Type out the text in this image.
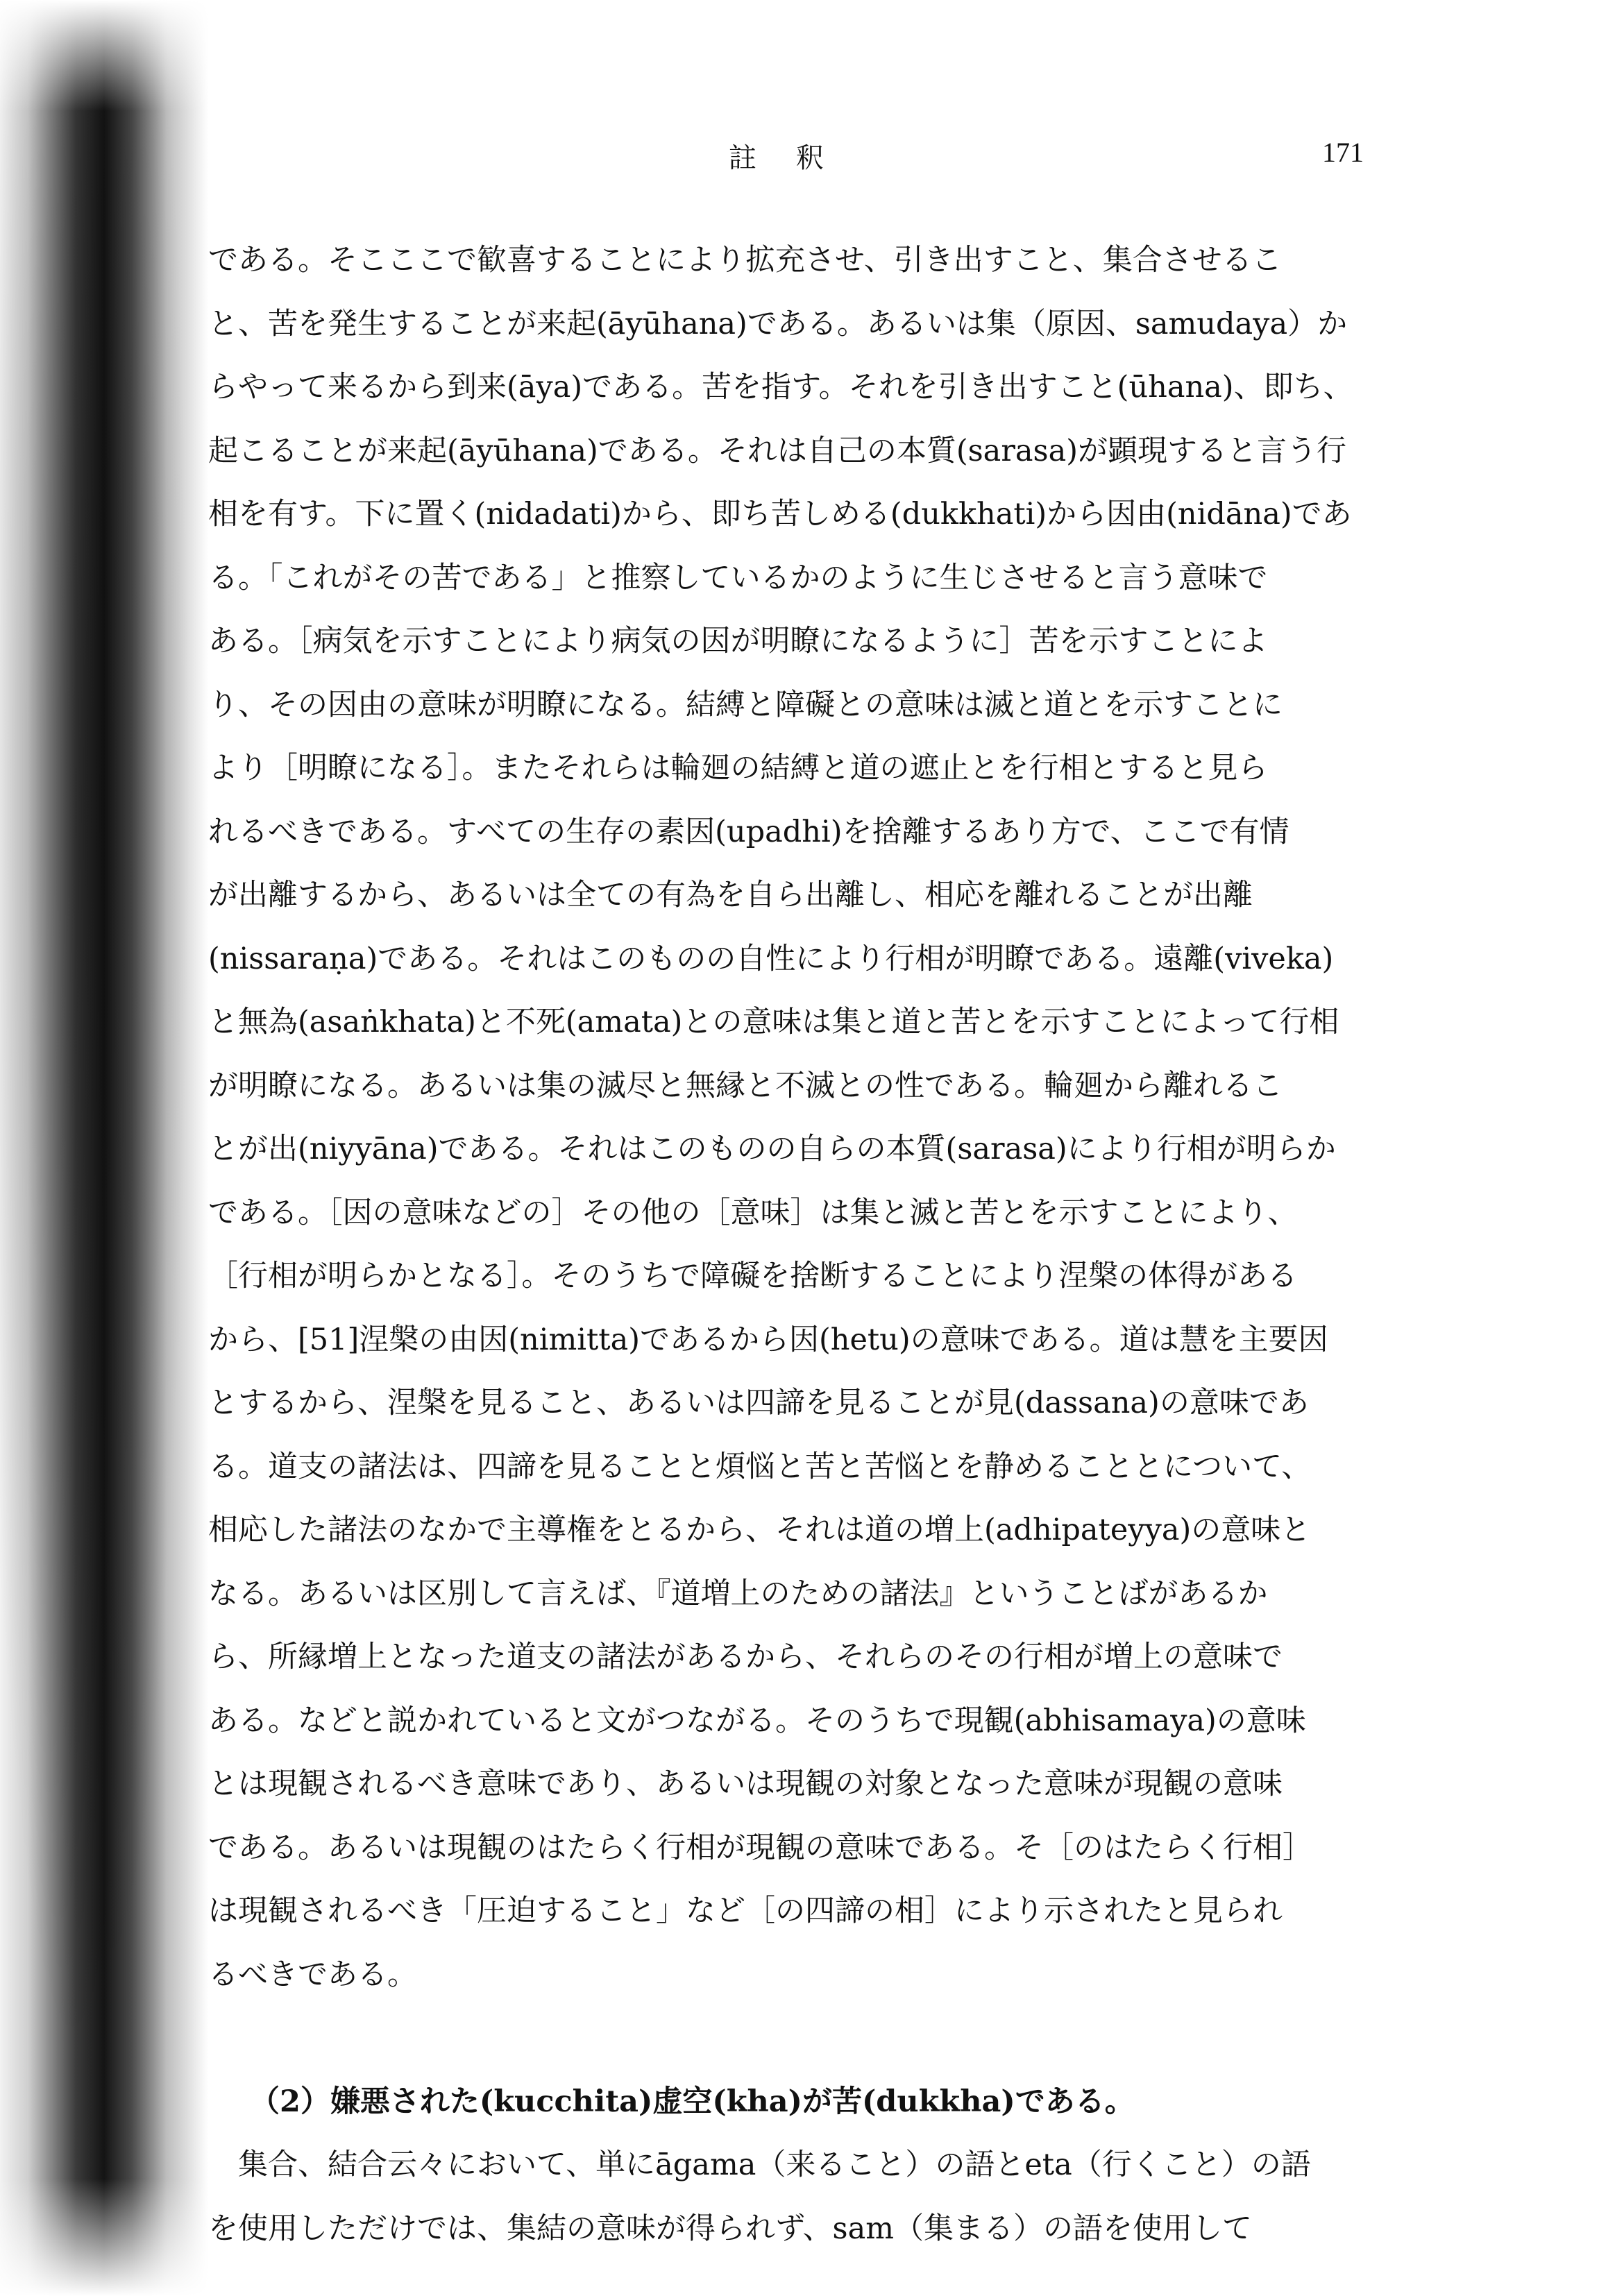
註 釈	171
である。そこここで歓喜することにより拡充させ、引き出すこと、集合させるこ
と、苦を発生することが来起(āyūhana)である。あるいは集（原因、samudaya）か
らやって来るから到来(āya)である。苦を指す。それを引き出すこと(ūhana)、即ち、
起こることが来起(āyūhana)である。それは自己の本質(sarasa)が顕現すると言う行
相を有す。下に置く(nidadati)から、即ち苦しめる(dukkhati)から因由(nidāna)であ
る。「これがその苦である」と推察しているかのように生じさせると言う意味で
ある。［病気を示すことにより病気の因が明瞭になるように］苦を示すことによ
り、その因由の意味が明瞭になる。結縛と障礙との意味は滅と道とを示すことに
より［明瞭になる］。またそれらは輪廻の結縛と道の遮止とを行相とすると見ら
れるべきである。すべての生存の素因(upadhi)を捨離するあり方で、ここで有情
が出離するから、あるいは全ての有為を自ら出離し、相応を離れることが出離
(nissaraṇa)である。それはこのものの自性により行相が明瞭である。遠離(viveka)
と無為(asaṅkhata)と不死(amata)との意味は集と道と苦とを示すことによって行相
が明瞭になる。あるいは集の滅尽と無縁と不滅との性である。輪廻から離れるこ
とが出(niyyāna)である。それはこのものの自らの本質(sarasa)により行相が明らか
である。［因の意味などの］その他の［意味］は集と滅と苦とを示すことにより、
［行相が明らかとなる］。そのうちで障礙を捨断することにより涅槃の体得がある
から、[51]涅槃の由因(nimitta)であるから因(hetu)の意味である。道は慧を主要因
とするから、涅槃を見ること、あるいは四諦を見ることが見(dassana)の意味であ
る。道支の諸法は、四諦を見ることと煩悩と苦と苦悩とを静めることとについて、
相応した諸法のなかで主導権をとるから、それは道の増上(adhipateyya)の意味と
なる。あるいは区別して言えば、『道増上のための諸法』ということばがあるか
ら、所縁増上となった道支の諸法があるから、それらのその行相が増上の意味で
ある。などと説かれていると文がつながる。そのうちで現観(abhisamaya)の意味
とは現観されるべき意味であり、あるいは現観の対象となった意味が現観の意味
である。あるいは現観のはたらく行相が現観の意味である。そ［のはたらく行相］
は現観されるべき「圧迫すること」など［の四諦の相］により示されたと見られ
るべきである。
（2）嫌悪された(kucchita)虚空(kha)が苦(dukkha)である。
集合、結合云々において、単にāgama（来ること）の語とeta（行くこと）の語
を使用しただけでは、集結の意味が得られず、sam（集まる）の語を使用して
